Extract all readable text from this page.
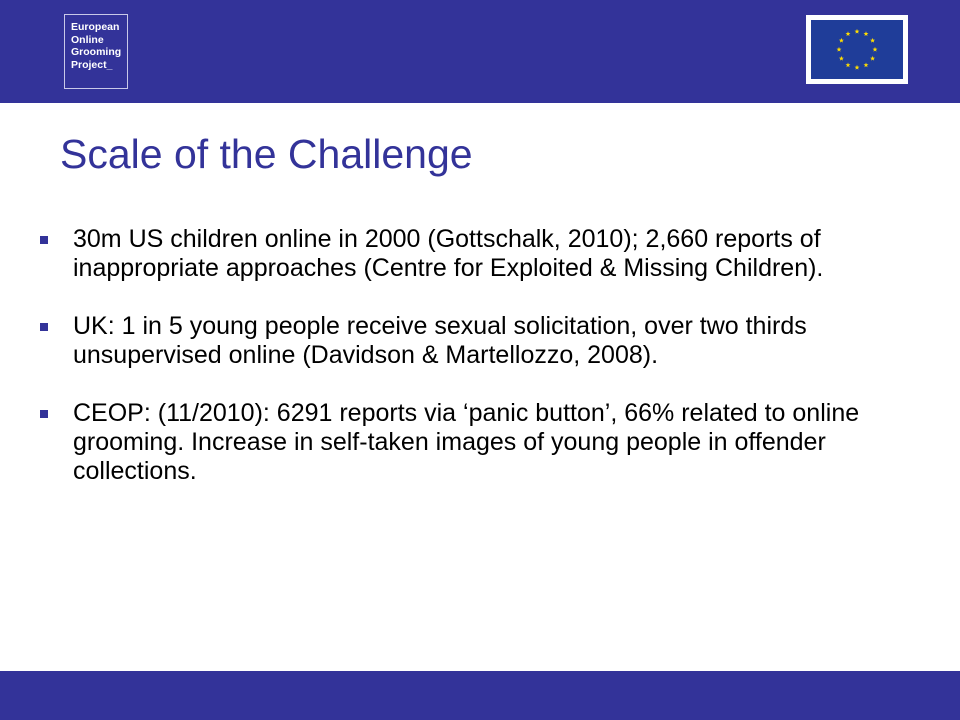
European
Online
Grooming
Project_
Scale of the Challenge
30m US children online in 2000 (Gottschalk, 2010); 2,660 reports of inappropriate approaches (Centre for Exploited & Missing Children).
UK: 1 in 5 young people receive sexual solicitation, over two thirds unsupervised online (Davidson & Martellozzo, 2008).
CEOP: (11/2010): 6291 reports via ‘panic button’, 66% related to online grooming. Increase in self-taken images of young people in offender collections.
